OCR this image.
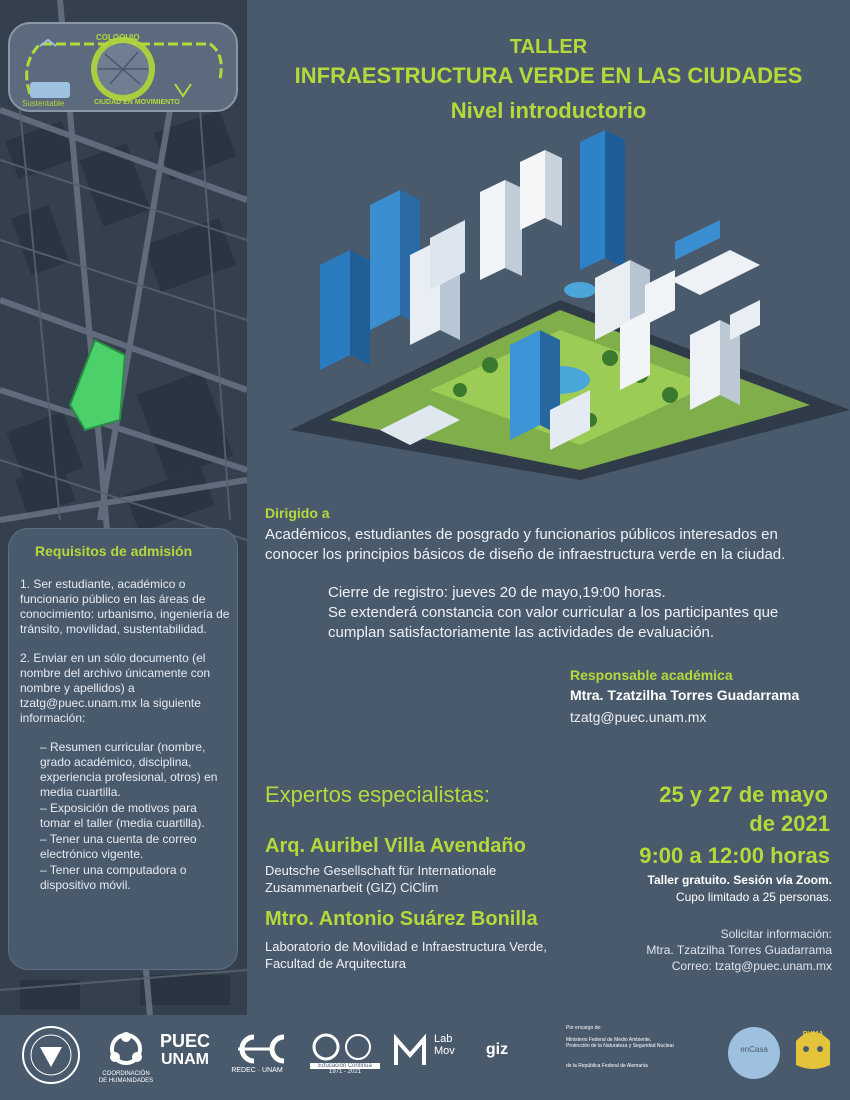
COLOQUIO
CIUDAD EN MOVIMIENTO
Sustentable
Requisitos de admisión

1. Ser estudiante, académico o funcionario público en las áreas de conocimiento: urbanismo, ingeniería de tránsito, movilidad, sustentabilidad.

2. Enviar en un sólo documento (el nombre del archivo únicamente con nombre y apellidos) a tzatg@puec.unam.mx la siguiente información:

– Resumen curricular (nombre, grado académico, disciplina, experiencia profesional, otros) en media cuartilla.
– Exposición de motivos para tomar el taller (media cuartilla).
– Tener una cuenta de correo electrónico vigente.
– Tener una computadora o dispositivo móvil.
TALLER
INFRAESTRUCTURA VERDE EN LAS CIUDADES
Nivel introductorio
Dirigido a
Académicos, estudiantes de posgrado y funcionarios públicos interesados en conocer los principios básicos de diseño de infraestructura verde en la ciudad.
Cierre de registro: jueves 20 de mayo,19:00 horas.
Se extenderá constancia con valor curricular a los participantes que cumplan satisfactoriamente las actividades de evaluación.
Responsable académica
Mtra. Tzatzilha Torres Guadarrama
tzatg@puec.unam.mx
Expertos especialistas:
Arq. Auribel Villa Avendaño
Deutsche Gesellschaft für Internationale Zusammenarbeit (GIZ) CiClim
Mtro. Antonio Suárez Bonilla
Laboratorio de Movilidad e Infraestructura Verde, Facultad de Arquitectura
25 y 27 de mayo
de 2021
9:00 a 12:00 horas
Taller gratuito. Sesión vía Zoom.
Cupo limitado a 25 personas.
Solicitar información:
Mtra. Tzatzilha Torres Guadarrama
Correo: tzatg@puec.unam.mx
COORDINACIÓN DE HUMANIDADES
PUEC
UNAM
REDEC · UNAM
Educación Continua
1971 - 2021
Lab
Mov	giz
Por encargo de:
Ministerio Federal de Medio Ambiente, Protección de la Naturaleza y Seguridad Nuclear
de la República Federal de Alemania
enCasa
PUMA
